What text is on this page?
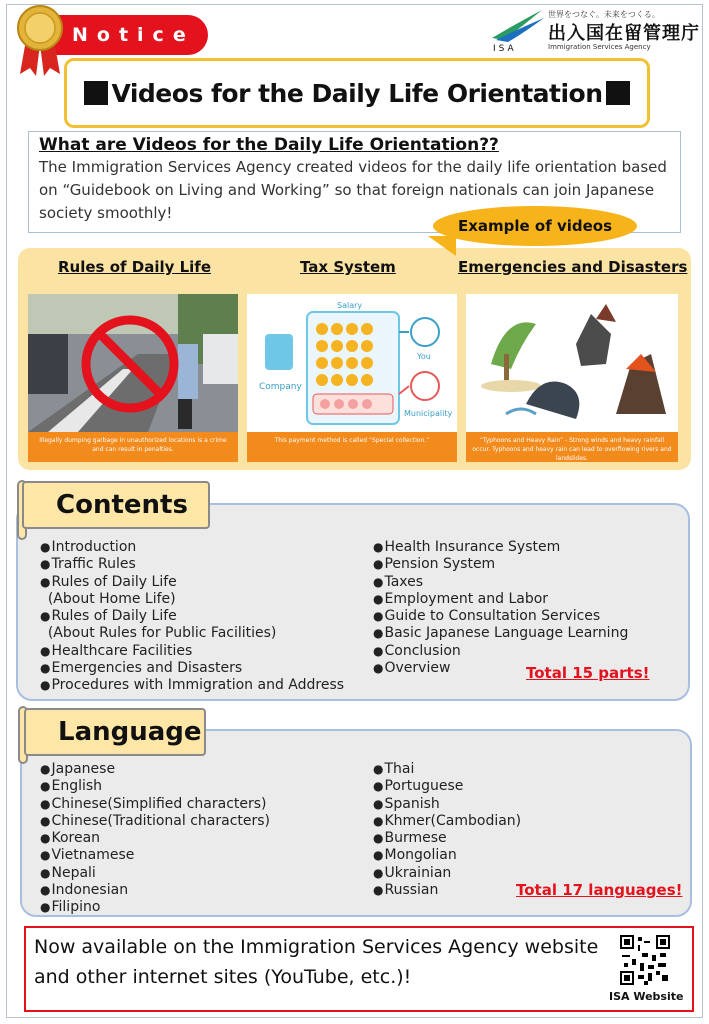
Notice
ISA
世界をつなぐ。未来をつくる。
出入国在留管理庁
Immigration Services Agency
Videos for the Daily Life Orientation
What are Videos for the Daily Life Orientation??

The Immigration Services Agency created videos for the daily life orientation based on “Guidebook on Living and Working” so that foreign nationals can join Japanese society smoothly!

Rules of Daily Life	Tax System	Emergencies and Disasters
Illegally dumping garbage in unauthorized locations is a crime and can result in penalties.
Company
Salary
You
Municipality
This payment method is called “Special collection.”	“Typhoons and Heavy Rain” - Strong winds and heavy rainfall occur. Typhoons and heavy rain can lead to overflowing rivers and landslides.
Example of videos
Contents
● Introduction
● Traffic Rules
● Rules of Daily Life
(About Home Life)
● Rules of Daily Life
(About Rules for Public Facilities)
● Healthcare Facilities
● Emergencies and Disasters
● Procedures with Immigration and Address
● Health Insurance System
● Pension System
● Taxes
● Employment and Labor
● Guide to Consultation Services
● Basic Japanese Language Learning
● Conclusion
● Overview	Total 15 parts!
Language
● Japanese
● English
● Chinese(Simplified characters)
● Chinese(Traditional characters)
● Korean
● Vietnamese
● Nepali
● Indonesian
● Filipino
● Thai
● Portuguese
● Spanish
● Khmer(Cambodian)
● Burmese
● Mongolian
● Ukrainian
● Russian	Total 17 languages!

Now available on the Immigration Services Agency website
and other internet sites (YouTube, etc.)!

ISA Website
